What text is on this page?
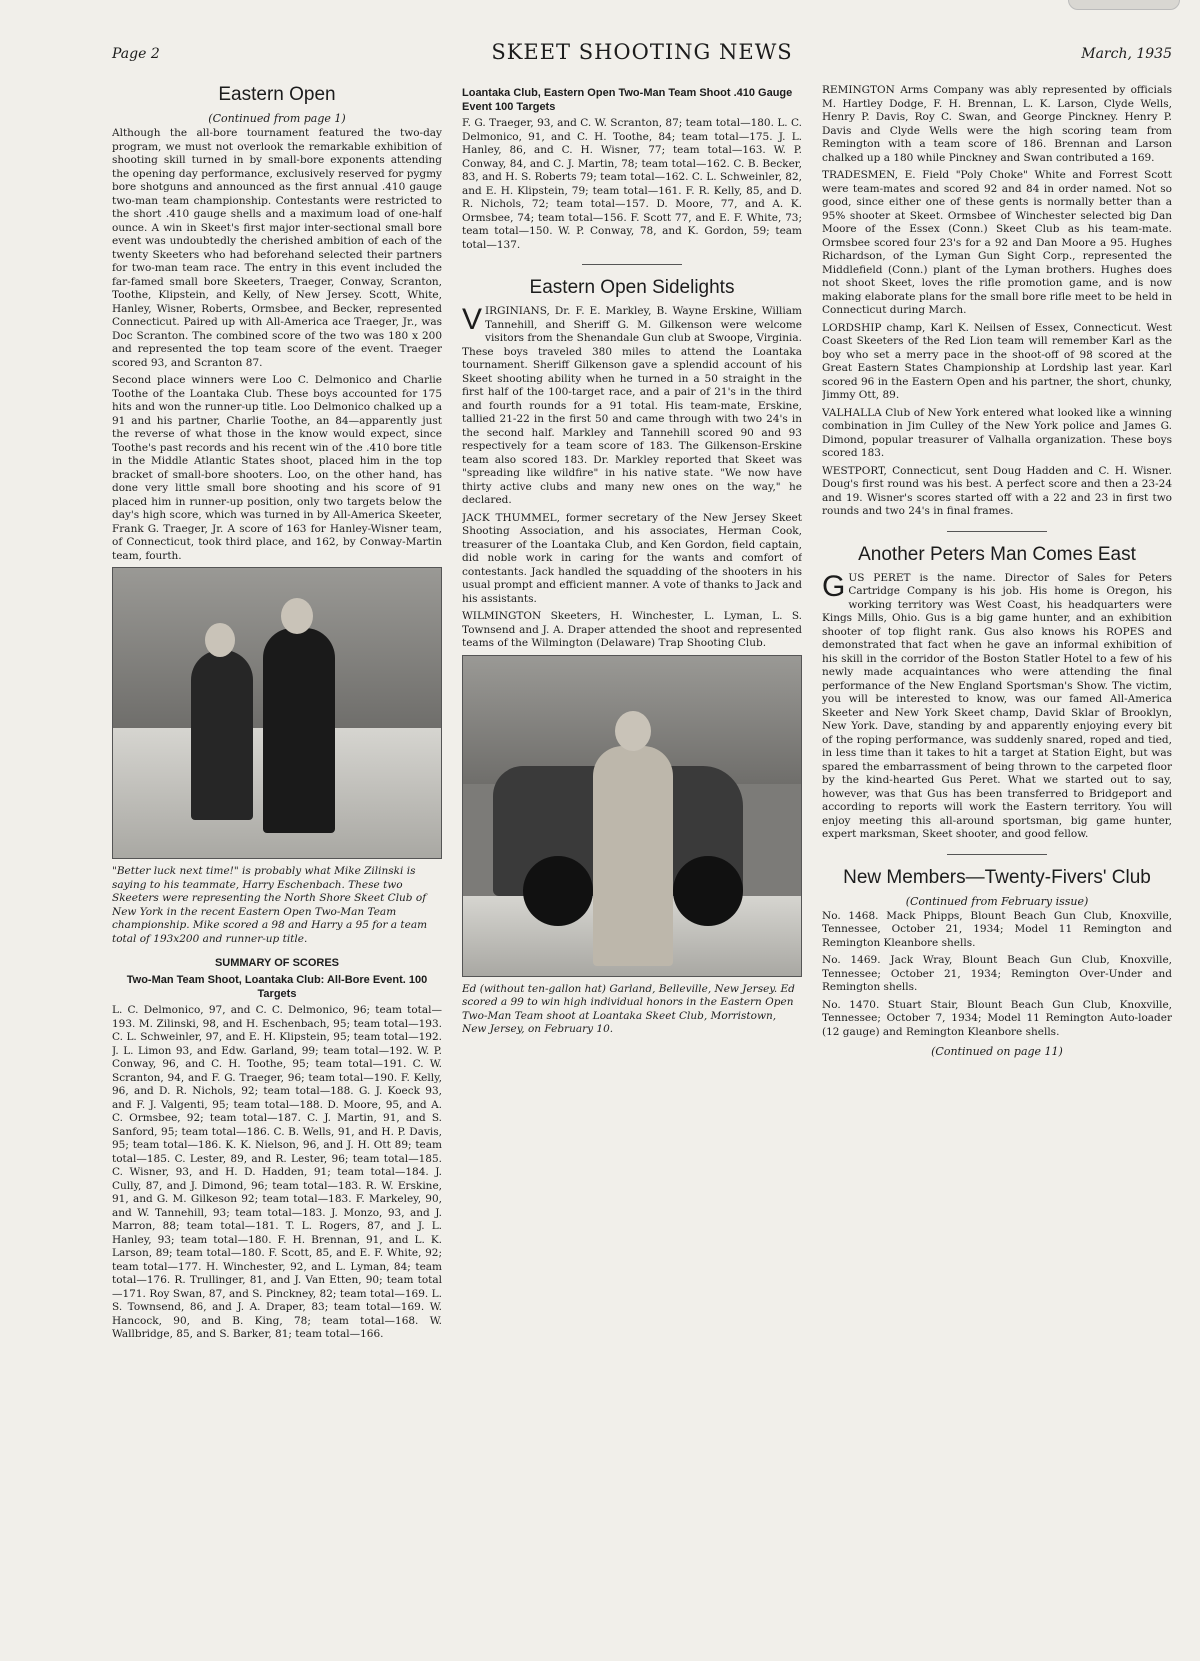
Page 2	SKEET SHOOTING NEWS	March, 1935
Eastern Open
(Continued from page 1)

Although the all-bore tournament featured the two-day program, we must not overlook the remarkable exhibition of shooting skill turned in by small-bore exponents attending the opening day performance, exclusively reserved for pygmy bore shotguns and announced as the first annual .410 gauge two-man team championship. Contestants were restricted to the short .410 gauge shells and a maximum load of one-half ounce. A win in Skeet's first major inter-sectional small bore event was undoubtedly the cherished ambition of each of the twenty Skeeters who had beforehand selected their partners for two-man team race. The entry in this event included the far-famed small bore Skeeters, Traeger, Conway, Scranton, Toothe, Klipstein, and Kelly, of New Jersey. Scott, White, Hanley, Wisner, Roberts, Ormsbee, and Becker, represented Connecticut. Paired up with All-America ace Traeger, Jr., was Doc Scranton. The combined score of the two was 180 x 200 and represented the top team score of the event. Traeger scored 93, and Scranton 87.

Second place winners were Loo C. Delmonico and Charlie Toothe of the Loantaka Club. These boys accounted for 175 hits and won the runner-up title. Loo Delmonico chalked up a 91 and his partner, Charlie Toothe, an 84—apparently just the reverse of what those in the know would expect, since Toothe's past records and his recent win of the .410 bore title in the Middle Atlantic States shoot, placed him in the top bracket of small-bore shooters. Loo, on the other hand, has done very little small bore shooting and his score of 91 placed him in runner-up position, only two targets below the day's high score, which was turned in by All-America Skeeter, Frank G. Traeger, Jr. A score of 163 for Hanley-Wisner team, of Connecticut, took third place, and 162, by Conway-Martin team, fourth.

"Better luck next time!" is probably what Mike Zilinski is saying to his teammate, Harry Eschenbach. These two Skeeters were representing the North Shore Skeet Club of New York in the recent Eastern Open Two-Man Team championship. Mike scored a 98 and Harry a 95 for a team total of 193x200 and runner-up title.
SUMMARY OF SCORES
Two-Man Team Shoot, Loantaka Club: All-Bore Event. 100 Targets

L. C. Delmonico, 97, and C. C. Delmonico, 96; team total—193. M. Zilinski, 98, and H. Eschenbach, 95; team total—193. C. L. Schweinler, 97, and E. H. Klipstein, 95; team total—192. J. L. Limon 93, and Edw. Garland, 99; team total—192. W. P. Conway, 96, and C. H. Toothe, 95; team total—191. C. W. Scranton, 94, and F. G. Traeger, 96; team total—190. F. Kelly, 96, and D. R. Nichols, 92; team total—188. G. J. Koeck 93, and F. J. Valgenti, 95; team total—188. D. Moore, 95, and A. C. Ormsbee, 92; team total—187. C. J. Martin, 91, and S. Sanford, 95; team total—186. C. B. Wells, 91, and H. P. Davis, 95; team total—186. K. K. Nielson, 96, and J. H. Ott 89; team total—185. C. Lester, 89, and R. Lester, 96; team total—185. C. Wisner, 93, and H. D. Hadden, 91; team total—184. J. Cully, 87, and J. Dimond, 96; team total—183. R. W. Erskine, 91, and G. M. Gilkeson 92; team total—183. F. Markeley, 90, and W. Tannehill, 93; team total—183. J. Monzo, 93, and J. Marron, 88; team total—181. T. L. Rogers, 87, and J. L. Hanley, 93; team total—180. F. H. Brennan, 91, and L. K. Larson, 89; team total—180. F. Scott, 85, and E. F. White, 92; team total—177. H. Winchester, 92, and L. Lyman, 84; team total—176. R. Trullinger, 81, and J. Van Etten, 90; team total—171. Roy Swan, 87, and S. Pinckney, 82; team total—169. L. S. Townsend, 86, and J. A. Draper, 83; team total—169. W. Hancock, 90, and B. King, 78; team total—168. W. Wallbridge, 85, and S. Barker, 81; team total—166.

Loantaka Club, Eastern Open Two-Man Team Shoot .410 Gauge Event 100 Targets

F. G. Traeger, 93, and C. W. Scranton, 87; team total—180. L. C. Delmonico, 91, and C. H. Toothe, 84; team total—175. J. L. Hanley, 86, and C. H. Wisner, 77; team total—163. W. P. Conway, 84, and C. J. Martin, 78; team total—162. C. B. Becker, 83, and H. S. Roberts 79; team total—162. C. L. Schweinler, 82, and E. H. Klipstein, 79; team total—161. F. R. Kelly, 85, and D. R. Nichols, 72; team total—157. D. Moore, 77, and A. K. Ormsbee, 74; team total—156. F. Scott 77, and E. F. White, 73; team total—150. W. P. Conway, 78, and K. Gordon, 59; team total—137.

Eastern Open Sidelights

VIRGINIANS, Dr. F. E. Markley, B. Wayne Erskine, William Tannehill, and Sheriff G. M. Gilkenson were welcome visitors from the Shenandale Gun club at Swoope, Virginia. These boys traveled 380 miles to attend the Loantaka tournament. Sheriff Gilkenson gave a splendid account of his Skeet shooting ability when he turned in a 50 straight in the first half of the 100-target race, and a pair of 21's in the third and fourth rounds for a 91 total. His team-mate, Erskine, tallied 21-22 in the first 50 and came through with two 24's in the second half. Markley and Tannehill scored 90 and 93 respectively for a team score of 183. The Gilkenson-Erskine team also scored 183. Dr. Markley reported that Skeet was "spreading like wildfire" in his native state. "We now have thirty active clubs and many new ones on the way," he declared.

JACK THUMMEL, former secretary of the New Jersey Skeet Shooting Association, and his associates, Herman Cook, treasurer of the Loantaka Club, and Ken Gordon, field captain, did noble work in caring for the wants and comfort of contestants. Jack handled the squadding of the shooters in his usual prompt and efficient manner. A vote of thanks to Jack and his assistants.

WILMINGTON Skeeters, H. Winchester, L. Lyman, L. S. Townsend and J. A. Draper attended the shoot and represented teams of the Wilmington (Delaware) Trap Shooting Club.

Ed (without ten-gallon hat) Garland, Belleville, New Jersey. Ed scored a 99 to win high individual honors in the Eastern Open Two-Man Team shoot at Loantaka Skeet Club, Morristown, New Jersey, on February 10.

REMINGTON Arms Company was ably represented by officials M. Hartley Dodge, F. H. Brennan, L. K. Larson, Clyde Wells, Henry P. Davis, Roy C. Swan, and George Pinckney. Henry P. Davis and Clyde Wells were the high scoring team from Remington with a team score of 186. Brennan and Larson chalked up a 180 while Pinckney and Swan contributed a 169.

TRADESMEN, E. Field "Poly Choke" White and Forrest Scott were team-mates and scored 92 and 84 in order named. Not so good, since either one of these gents is normally better than a 95% shooter at Skeet. Ormsbee of Winchester selected big Dan Moore of the Essex (Conn.) Skeet Club as his team-mate. Ormsbee scored four 23's for a 92 and Dan Moore a 95. Hughes Richardson, of the Lyman Gun Sight Corp., represented the Middlefield (Conn.) plant of the Lyman brothers. Hughes does not shoot Skeet, loves the rifle promotion game, and is now making elaborate plans for the small bore rifle meet to be held in Connecticut during March.

LORDSHIP champ, Karl K. Neilsen of Essex, Connecticut. West Coast Skeeters of the Red Lion team will remember Karl as the boy who set a merry pace in the shoot-off of 98 scored at the Great Eastern States Championship at Lordship last year. Karl scored 96 in the Eastern Open and his partner, the short, chunky, Jimmy Ott, 89.

VALHALLA Club of New York entered what looked like a winning combination in Jim Culley of the New York police and James G. Dimond, popular treasurer of Valhalla organization. These boys scored 183.

WESTPORT, Connecticut, sent Doug Hadden and C. H. Wisner. Doug's first round was his best. A perfect score and then a 23-24 and 19. Wisner's scores started off with a 22 and 23 in first two rounds and two 24's in final frames.

Another Peters Man Comes East

GUS PERET is the name. Director of Sales for Peters Cartridge Company is his job. His home is Oregon, his working territory was West Coast, his headquarters were Kings Mills, Ohio. Gus is a big game hunter, and an exhibition shooter of top flight rank. Gus also knows his ROPES and demonstrated that fact when he gave an informal exhibition of his skill in the corridor of the Boston Statler Hotel to a few of his newly made acquaintances who were attending the final performance of the New England Sportsman's Show. The victim, you will be interested to know, was our famed All-America Skeeter and New York Skeet champ, David Sklar of Brooklyn, New York. Dave, standing by and apparently enjoying every bit of the roping performance, was suddenly snared, roped and tied, in less time than it takes to hit a target at Station Eight, but was spared the embarrassment of being thrown to the carpeted floor by the kind-hearted Gus Peret. What we started out to say, however, was that Gus has been transferred to Bridgeport and according to reports will work the Eastern territory. You will enjoy meeting this all-around sportsman, big game hunter, expert marksman, Skeet shooter, and good fellow.

New Members—Twenty-Fivers' Club
(Continued from February issue)

No. 1468. Mack Phipps, Blount Beach Gun Club, Knoxville, Tennessee, October 21, 1934; Model 11 Remington and Remington Kleanbore shells.

No. 1469. Jack Wray, Blount Beach Gun Club, Knoxville, Tennessee; October 21, 1934; Remington Over-Under and Remington shells.

No. 1470. Stuart Stair, Blount Beach Gun Club, Knoxville, Tennessee; October 7, 1934; Model 11 Remington Auto-loader (12 gauge) and Remington Kleanbore shells.

(Continued on page 11)
